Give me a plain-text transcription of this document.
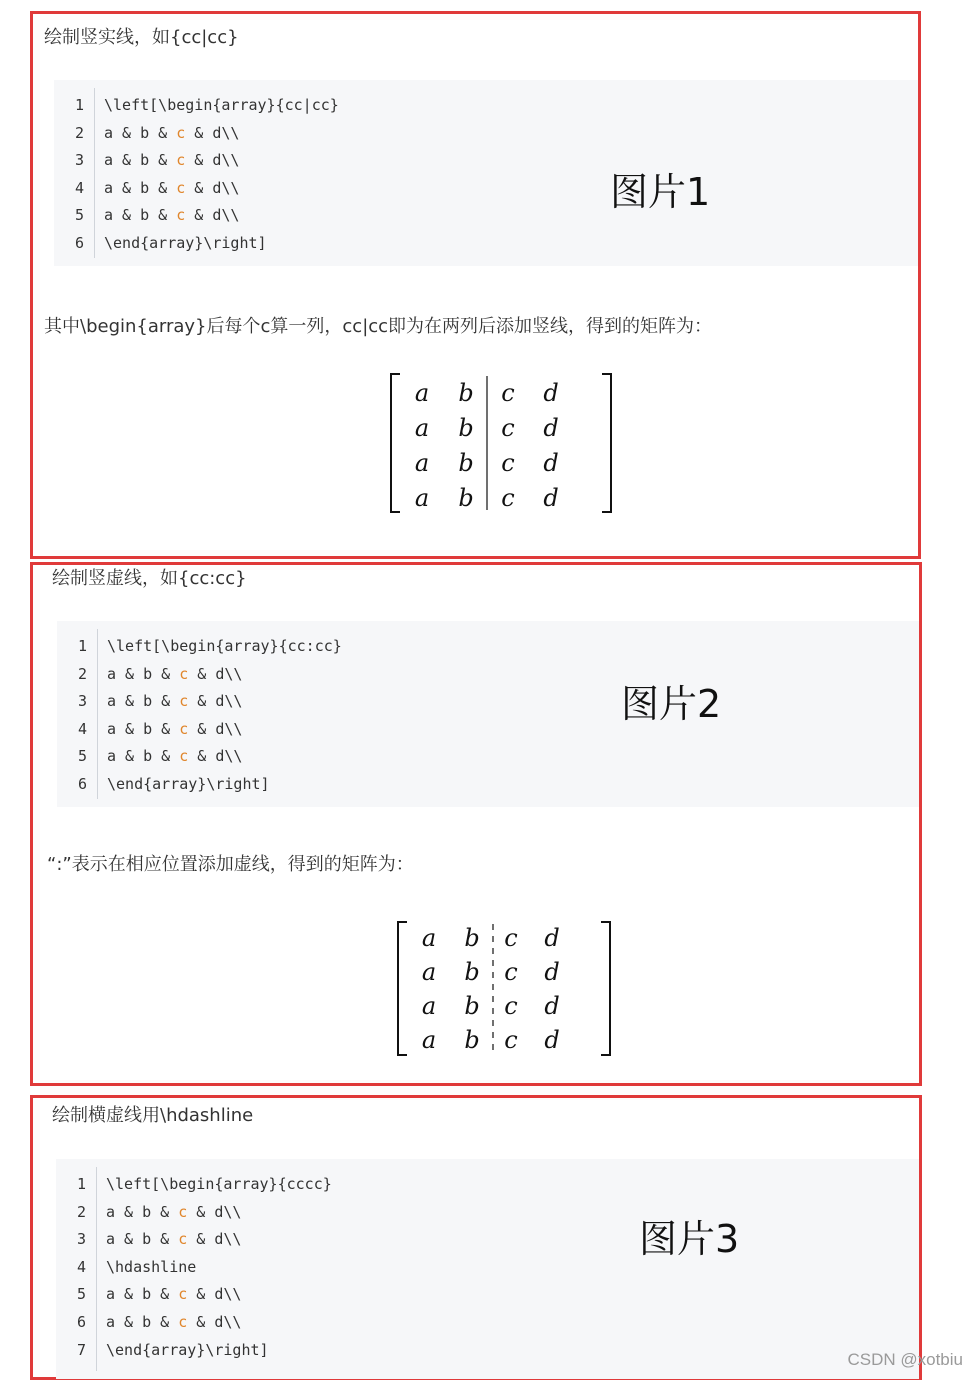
绘制竖实线，如{cc|cc}
1 \left[\begin{array}{cc|cc}
2 a & b & c & d\\
3 a & b & c & d\\
4 a & b & c & d\\
5 a & b & c & d\\
6 \end{array}\right]
图片1
其中\begin{array}后每个c算一列，cc|cc即为在两列后添加竖线，得到的矩阵为：
a b c d
a b c d
a b c d
a b c d
绘制竖虚线，如{cc:cc}
1 \left[\begin{array}{cc:cc}
2 a & b & c & d\\
3 a & b & c & d\\
4 a & b & c & d\\
5 a & b & c & d\\
6 \end{array}\right]
图片2
“:”表示在相应位置添加虚线，得到的矩阵为：
a b c d
a b c d
a b c d
a b c d
绘制横虚线用\hdashline
1 \left[\begin{array}{cccc}
2 a & b & c & d\\
3 a & b & c & d\\
4 \hdashline
5 a & b & c & d\\
6 a & b & c & d\\
7 \end{array}\right]
图片3
CSDN @xotbiu
